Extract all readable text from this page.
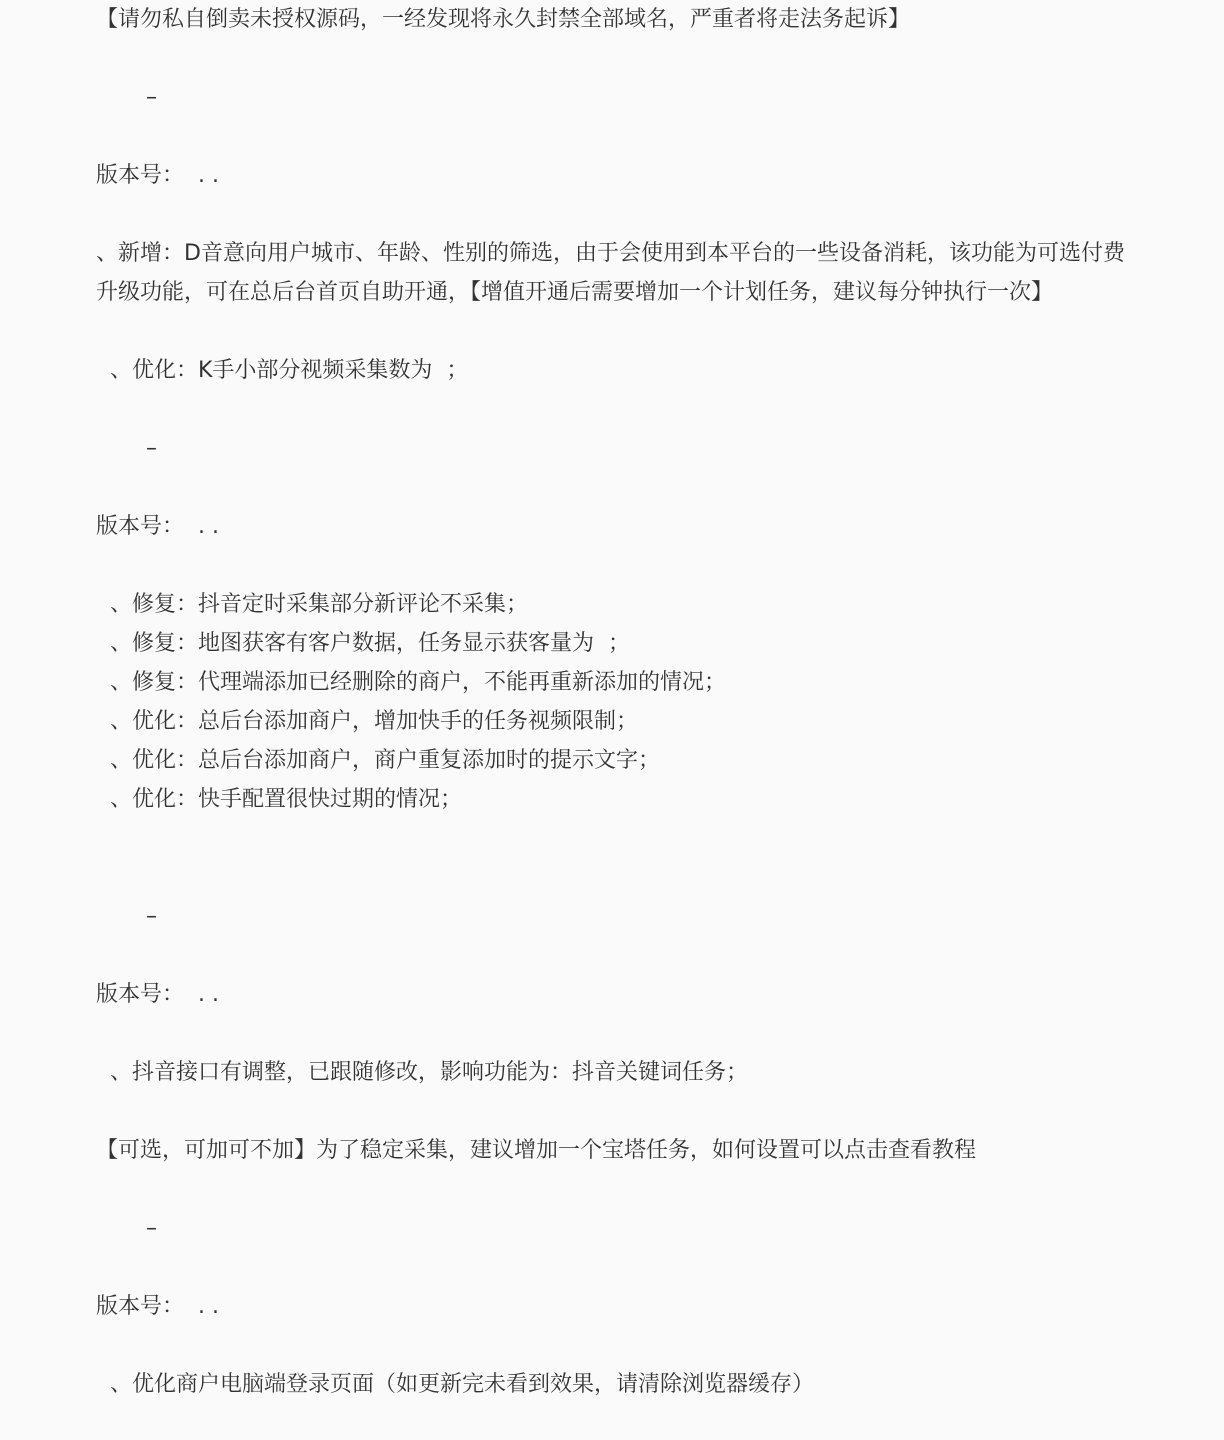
【请勿私自倒卖未授权源码，一经发现将永久封禁全部域名，严重者将走法务起诉】
–
版本号：  . .
、新增：D音意向用户城市、年龄、性别的筛选，由于会使用到本平台的一些设备消耗，该功能为可选付费升级功能，可在总后台首页自助开通，【增值开通后需要增加一个计划任务，建议每分钟执行一次】
、优化：K手小部分视频采集数为  ；
–
版本号：  . .
、修复：抖音定时采集部分新评论不采集；
、修复：地图获客有客户数据，任务显示获客量为  ；
、修复：代理端添加已经删除的商户，不能再重新添加的情况；
、优化：总后台添加商户，增加快手的任务视频限制；
、优化：总后台添加商户，商户重复添加时的提示文字；
、优化：快手配置很快过期的情况；
–
版本号：  . .
、抖音接口有调整，已跟随修改，影响功能为：抖音关键词任务；
【可选，可加可不加】为了稳定采集，建议增加一个宝塔任务，如何设置可以点击查看教程
–
版本号：  . .
、优化商户电脑端登录页面（如更新完未看到效果，请清除浏览器缓存）
